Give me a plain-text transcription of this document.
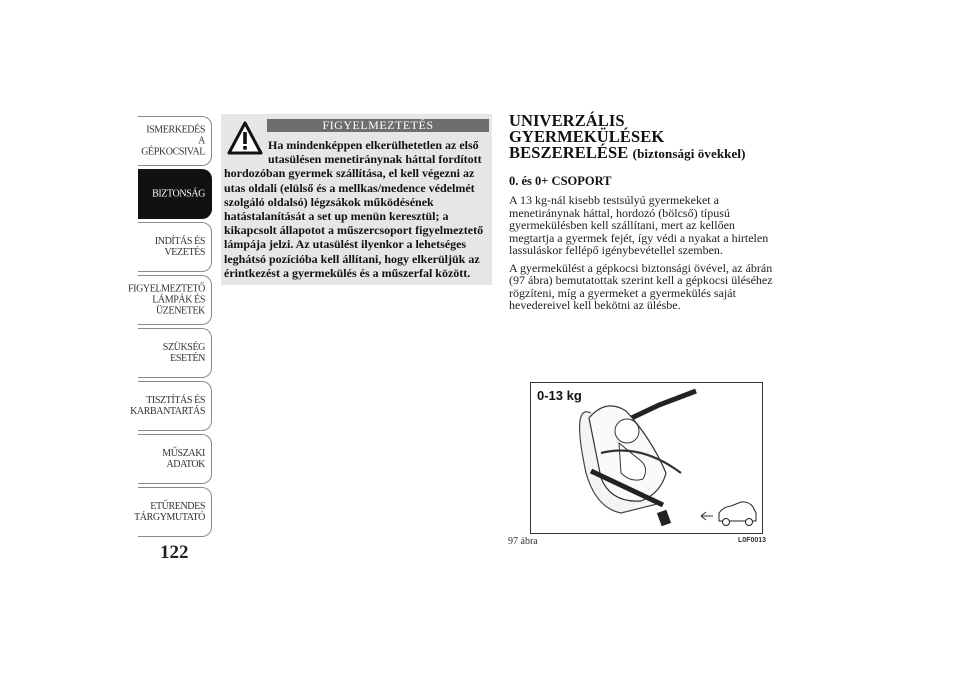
ISMERKEDÉS A
GÉPKOCSIVAL
BIZTONSÁG
INDÍTÁS ÉS
VEZETÉS
FIGYELMEZTETŐ
LÁMPÁK ÉS
ÜZENETEK
SZÜKSÉG ESETÉN
TISZTÍTÁS ÉS
KARBANTARTÁS
MŰSZAKI ADATOK
ETŰRENDES
TÁRGYMUTATÓ
122
FIGYELMEZTETÉS
Ha mindenképpen elkerülhetetlen az első utasülésen menetiránynak háttal fordított
hordozóban gyermek szállítása, el kell végezni az utas oldali (elülső és a mellkas/medence védelmét szolgáló oldalsó) légzsákok működésének hatástalanítását a set up menün keresztül; a kikapcsolt állapotot a műszercsoport figyelmeztető lámpája jelzi. Az utasülést ilyenkor a lehetséges leghátsó pozícióba kell állítani, hogy elkerüljük az érintkezést a gyermekülés és a műszerfal között.
UNIVERZÁLIS GYERMEKÜLÉSEK BESZERELÉSE (biztonsági övekkel)
0. és 0+ CSOPORT
A 13 kg-nál kisebb testsúlyú gyermekeket a menetiránynak háttal, hordozó (bölcső) típusú gyermekülésben kell szállítani, mert az kellően megtartja a gyermek fejét, így védi a nyakat a hirtelen lassuláskor fellépő igénybevétellel szemben.
A gyermekülést a gépkocsi biztonsági övével, az ábrán (97 ábra) bemutatottak szerint kell a gépkocsi üléséhez rögzíteni, míg a gyermeket a gyermekülés saját hevedereivel kell bekötni az ülésbe.
0-13 kg
97 ábra	L0F0013
